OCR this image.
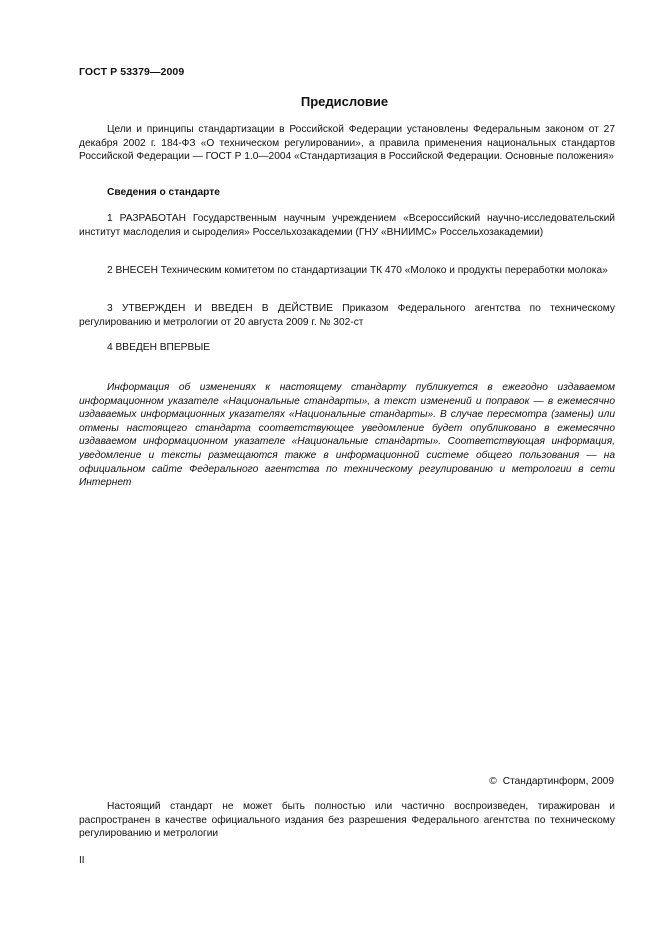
ГОСТ Р 53379—2009
Предисловие

Цели и принципы стандартизации в Российской Федерации установлены Федеральным законом от 27 декабря 2002 г. 184-ФЗ «О техническом регулировании», а правила применения национальных стандартов Российской Федерации — ГОСТ Р 1.0—2004 «Стандартизация в Российской Федерации. Основные положения»

Сведения о стандарте

1 РАЗРАБОТАН Государственным научным учреждением «Всероссийский научно-исследовательский институт маслоделия и сыроделия» Россельхозакадемии (ГНУ «ВНИИМС» Россельхозакадемии)

2 ВНЕСЕН Техническим комитетом по стандартизации ТК 470 «Молоко и продукты переработки молока»

3 УТВЕРЖДЕН И ВВЕДЕН В ДЕЙСТВИЕ Приказом Федерального агентства по техническому регулированию и метрологии от 20 августа 2009 г. № 302-ст

4 ВВЕДЕН ВПЕРВЫЕ

Информация об изменениях к настоящему стандарту публикуется в ежегодно издаваемом информационном указателе «Национальные стандарты», а текст изменений и поправок — в ежемесячно издаваемых информационных указателях «Национальные стандарты». В случае пересмотра (замены) или отмены настоящего стандарта соответствующее уведомление будет опубликовано в ежемесячно издаваемом информационном указателе «Национальные стандарты». Соответствующая информация, уведомление и тексты размещаются также в информационной системе общего пользования — на официальном сайте Федерального агентства по техническому регулированию и метрологии в сети Интернет

© Стандартинформ, 2009

Настоящий стандарт не может быть полностью или частично воспроизведен, тиражирован и распространен в качестве официального издания без разрешения Федерального агентства по техническому регулированию и метрологии

II
